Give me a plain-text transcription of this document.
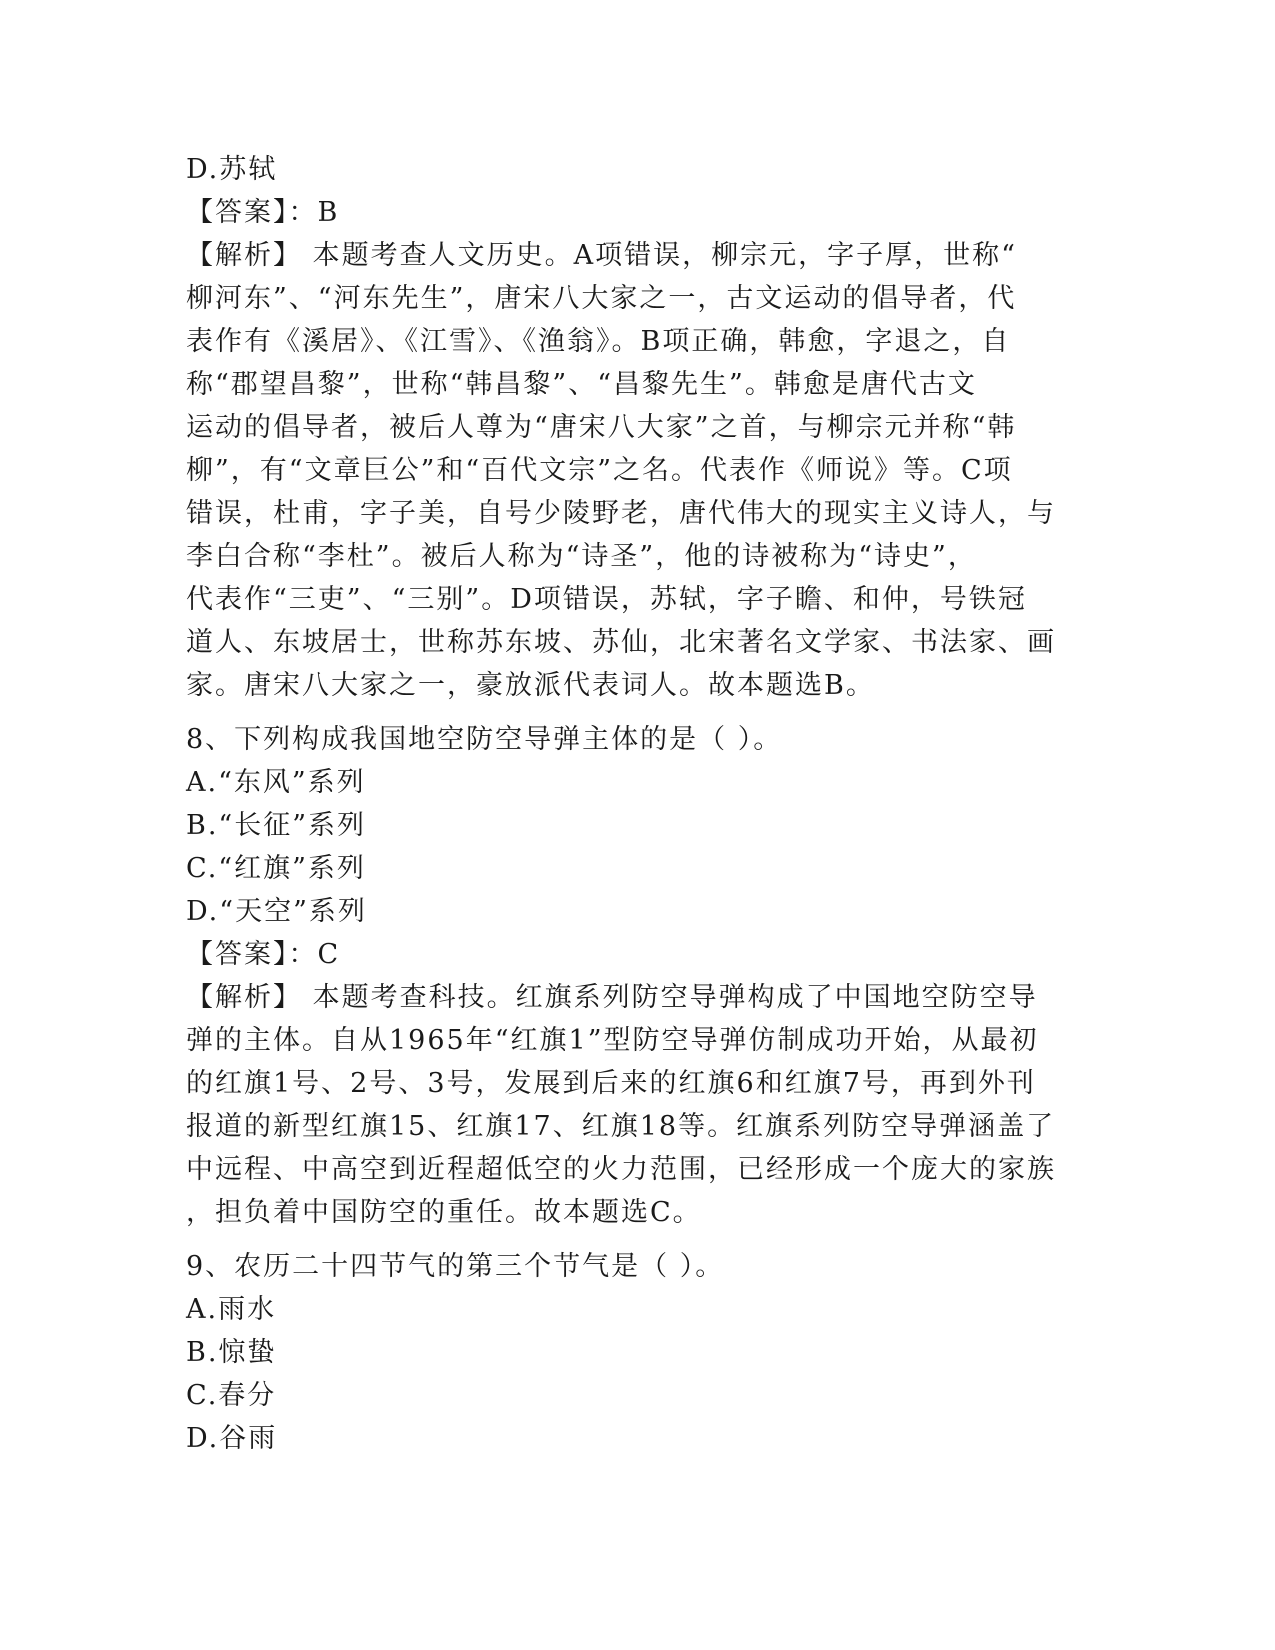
D.苏轼
【答案】：B
【解析】 本题考查人文历史。A项错误，柳宗元，字子厚，世称“
柳河东”、“河东先生”，唐宋八大家之一，古文运动的倡导者，代
表作有《溪居》、《江雪》、《渔翁》。B项正确，韩愈，字退之，自
称“郡望昌黎”，世称“韩昌黎”、“昌黎先生”。韩愈是唐代古文
运动的倡导者，被后人尊为“唐宋八大家”之首，与柳宗元并称“韩
柳”，有“文章巨公”和“百代文宗”之名。代表作《师说》等。C项
错误，杜甫，字子美，自号少陵野老，唐代伟大的现实主义诗人，与
李白合称“李杜”。被后人称为“诗圣”，他的诗被称为“诗史”，
代表作“三吏”、“三别”。D项错误，苏轼，字子瞻、和仲，号铁冠
道人、东坡居士，世称苏东坡、苏仙，北宋著名文学家、书法家、画
家。唐宋八大家之一，豪放派代表词人。故本题选B。
8、下列构成我国地空防空导弹主体的是（ ）。
A.“东风”系列
B.“长征”系列
C.“红旗”系列
D.“天空”系列
【答案】：C
【解析】 本题考查科技。红旗系列防空导弹构成了中国地空防空导
弹的主体。自从1965年“红旗1”型防空导弹仿制成功开始，从最初
的红旗1号、2号、3号，发展到后来的红旗6和红旗7号，再到外刊
报道的新型红旗15、红旗17、红旗18等。红旗系列防空导弹涵盖了
中远程、中高空到近程超低空的火力范围，已经形成一个庞大的家族
，担负着中国防空的重任。故本题选C。
9、农历二十四节气的第三个节气是（ ）。
A.雨水
B.惊蛰
C.春分
D.谷雨
